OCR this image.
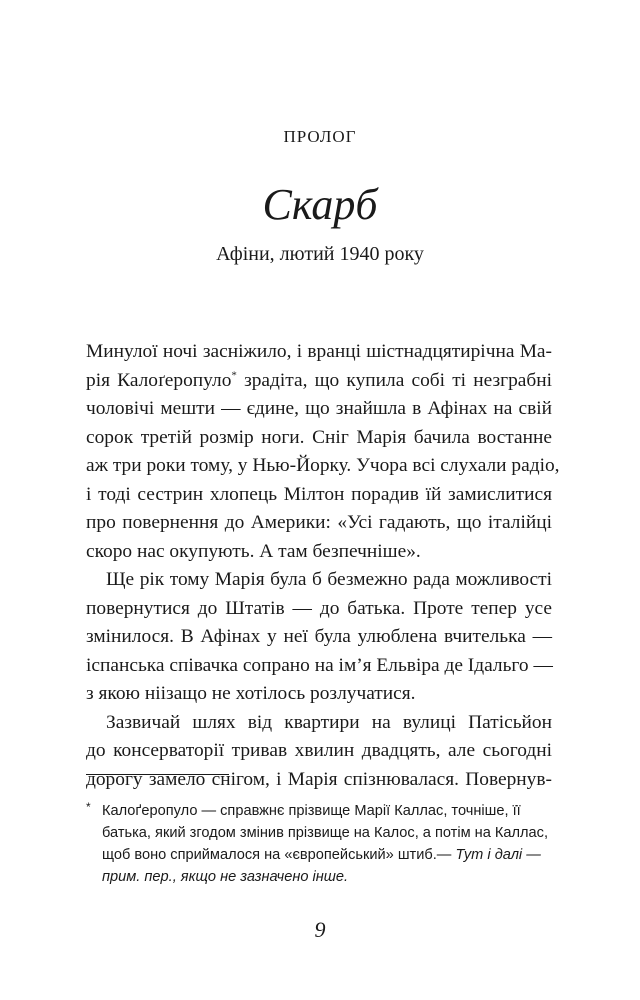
ПРОЛОГ
Скарб
Афіни, лютий 1940 року
Минулої ночі засніжило, і вранці шістнадцятирічна Ма-
рія Калоґеропуло* зрадіта, що купила собі ті незграбні
чоловічі мешти — єдине, що знайшла в Афінах на свій
сорок третій розмір ноги. Сніг Марія бачила востанне
аж три роки тому, у Нью-Йорку. Учора всі слухали радіо,
і тоді сестрин хлопець Мілтон порадив їй замислитися
про повернення до Америки: «Усі гадають, що італійці
скоро нас окупують. А там безпечніше».
Ще рік тому Марія була б безмежно рада можливості
повернутися до Штатів — до батька. Проте тепер усе
змінилося. В Афінах у неї була улюблена вчителька —
іспанська співачка сопрано на ім’я Ельвіра де Ідальго —
з якою ніізащо не хотілось розлучатися.
Зазвичай шлях від квартири на вулиці Патісьйон
до консерваторії тривав хвилин двадцять, але сьогодні
дорогу замело снігом, і Марія спізнювалася. Повернув-
* Калоґеропуло — справжнє прізвище Марії Каллас, точніше, її
батька, який згодом змінив прізвище на Калос, а потім на Каллас,
щоб воно сприймалося на «європейський» штиб.— Тут і далі —
прим. пер., якщо не зазначено інше.
9
